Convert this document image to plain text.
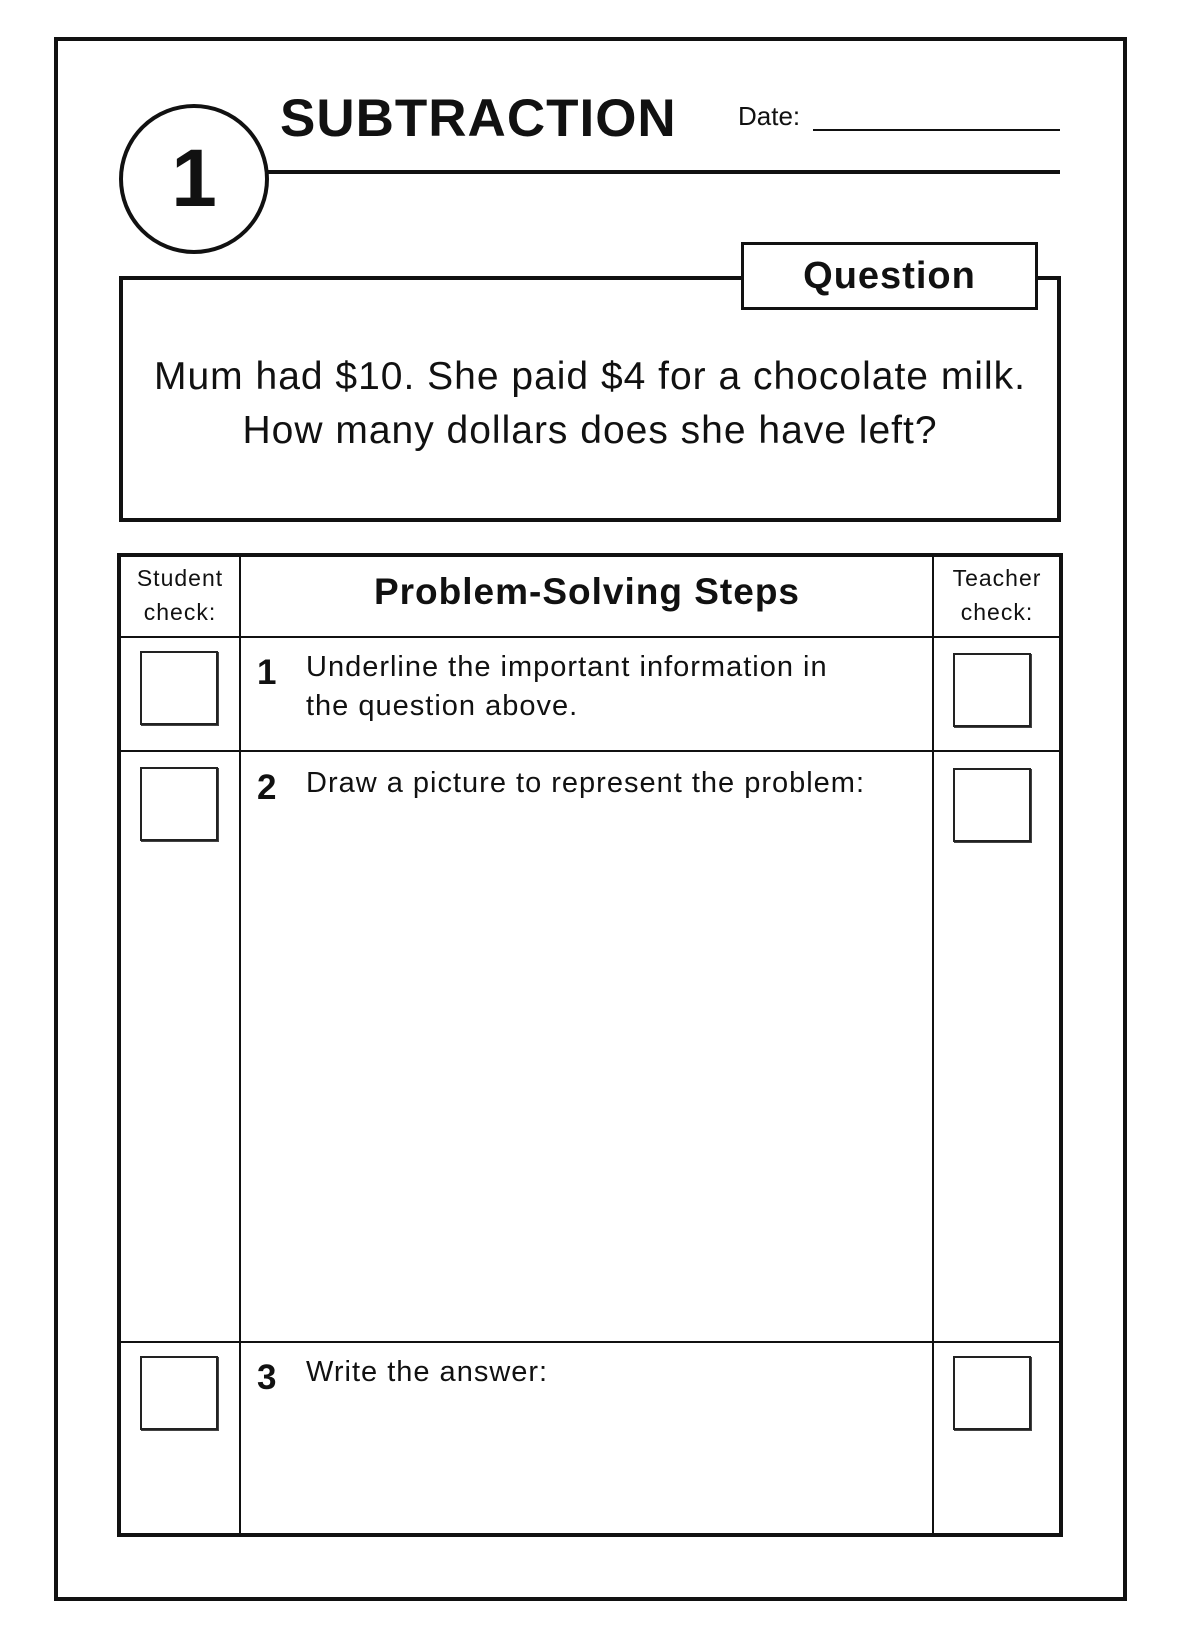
1
SUBTRACTION Date:
Question
Mum had $10. She paid $4 for a chocolate milk. How many dollars does she have left?
Student
check:	Problem-Solving Steps	Teacher
check:
1 Underline the important information in
the question above.
2 Draw a picture to represent the problem:
3 Write the answer:
